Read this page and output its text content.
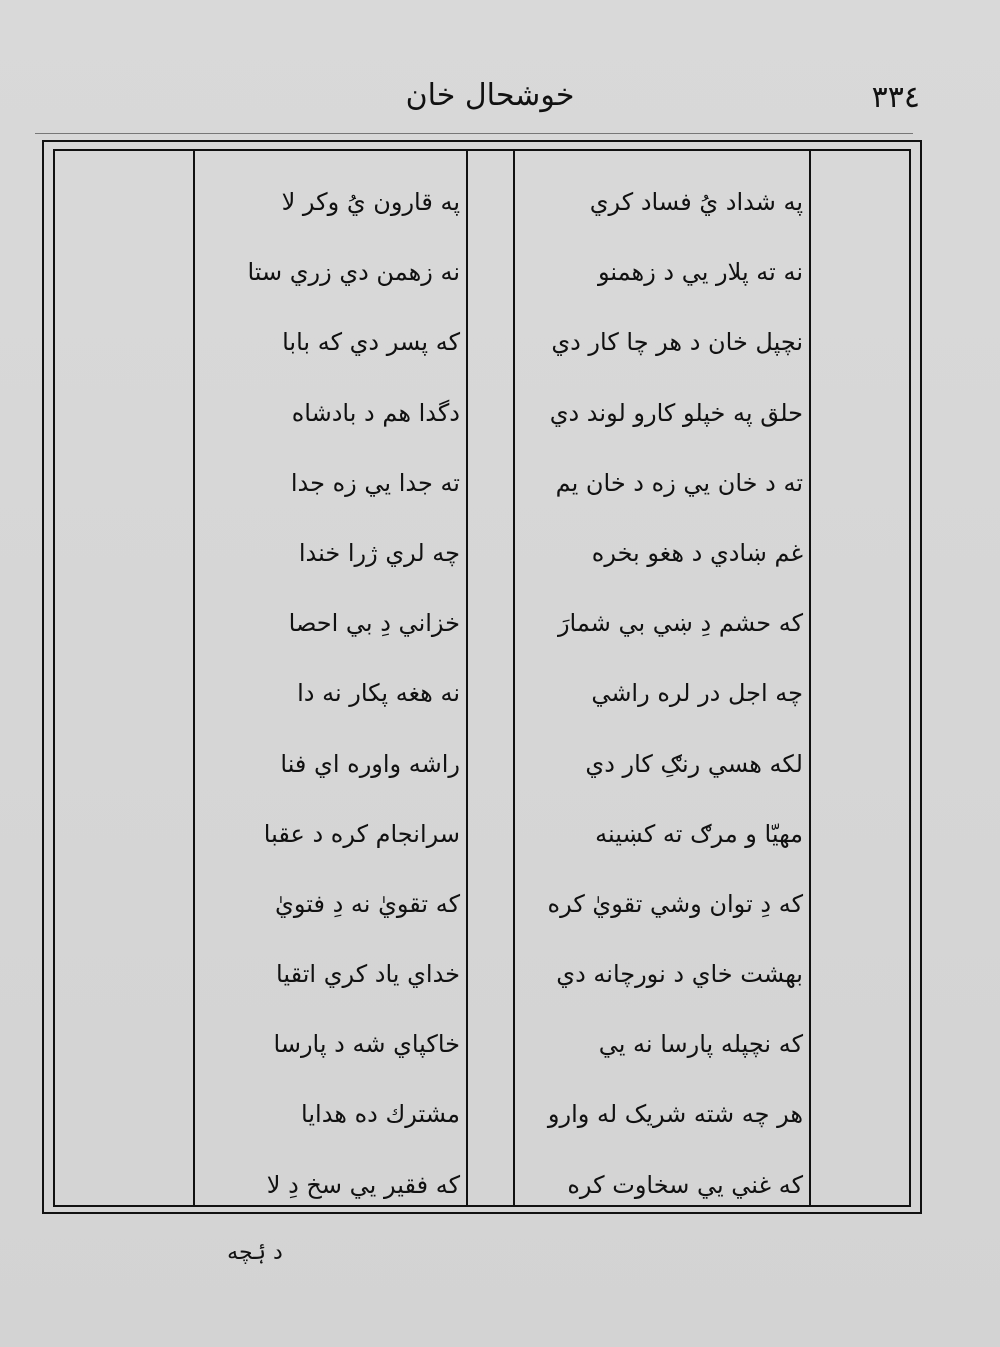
خوشحال خان	٣٣٤
په شداد يُ فساد كري
نه ته پلار يي د زهمنو
نچپل خان د هر چا كار دي
حلق په خپلو كارو لوند دي
ته د خان يي زه د خان يم
غم ښادي د هغو بخره
كه حشم دِ ښي بي شمارَ
چه اجل در لره راشي
لكه هسي رنګِ كار دي
مهيّا و مرګ ته كښينه
كه دِ توان وشي تقويٰ كره
بهشت خاي د نورچانه دي
كه نچپله پارسا نه يي
هر چه شته شريک له وارو
كه غني يي سخاوت كره
په قارون يُ وكر لا
نه زهمن دي زري ستا
كه پسر دي كه بابا
دگدا هم د بادشاه
ته جدا يي زه جدا
چه لري ژرا خندا
خزاني دِ بي احصا
نه هغه پكار نه دا
راشه واوره اي فنا
سرانجام كره د عقبا
كه تقويٰ نه دِ فتويٰ
خداي ياد كري اتقيا
خاكپاي شه د پارسا
مشترك ده هدايا
كه فقير يي سخ دِ لا
د ۂچه
